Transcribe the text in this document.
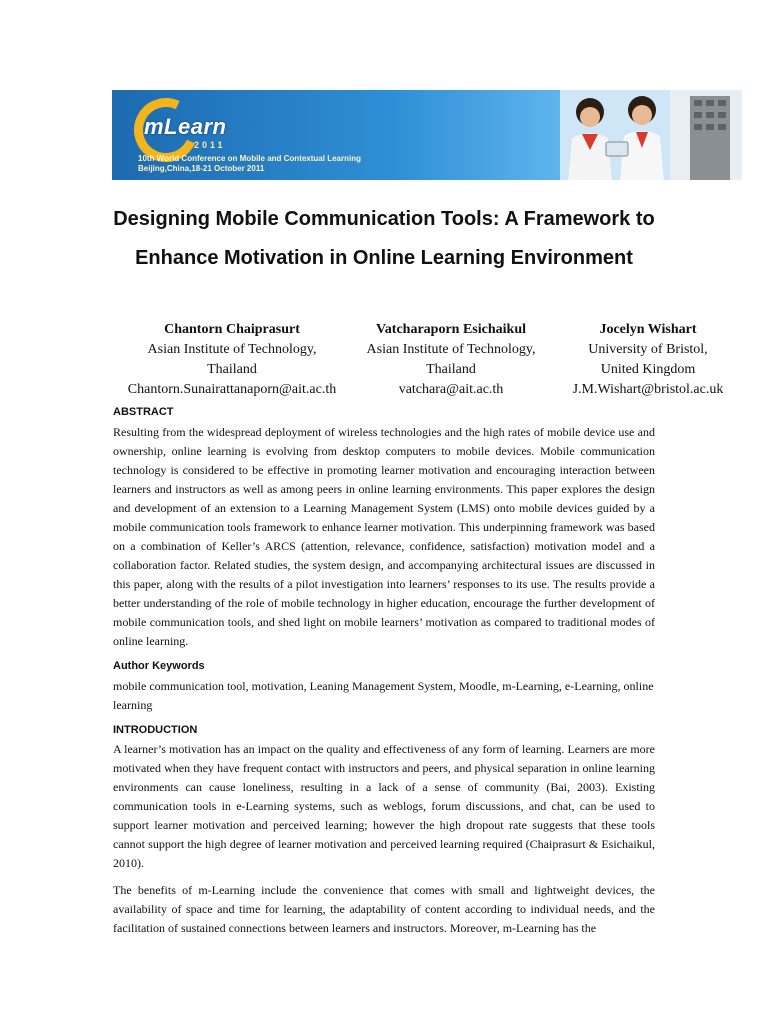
mLearn
2011
10th World Conference on Mobile and Contextual Learning
Beijing,China,18-21 October 2011
Designing Mobile Communication Tools: A Framework to Enhance Motivation in Online Learning Environment
Chantorn Chaiprasurt
Asian Institute of Technology,
Thailand
Chantorn.Sunairattanaporn@ait.ac.th
Vatcharaporn Esichaikul
Asian Institute of Technology,
Thailand
vatchara@ait.ac.th
Jocelyn Wishart
University of Bristol,
United Kingdom
J.M.Wishart@bristol.ac.uk
ABSTRACT

Resulting from the widespread deployment of wireless technologies and the high rates of mobile device use and ownership, online learning is evolving from desktop computers to mobile devices. Mobile communication technology is considered to be effective in promoting learner motivation and encouraging interaction between learners and instructors as well as among peers in online learning environments. This paper explores the design and development of an extension to a Learning Management System (LMS) onto mobile devices guided by a mobile communication tools framework to enhance learner motivation. This underpinning framework was based on a combination of Keller’s ARCS (attention, relevance, confidence, satisfaction) motivation model and a collaboration factor. Related studies, the system design, and accompanying architectural issues are discussed in this paper, along with the results of a pilot investigation into learners’ responses to its use. The results provide a better understanding of the role of mobile technology in higher education, encourage the further development of mobile communication tools, and shed light on mobile learners’ motivation as compared to traditional modes of online learning.

Author Keywords

mobile communication tool, motivation, Leaning Management System, Moodle, m-Learning, e-Learning, online learning

INTRODUCTION

A learner’s motivation has an impact on the quality and effectiveness of any form of learning. Learners are more motivated when they have frequent contact with instructors and peers, and physical separation in online learning environments can cause loneliness, resulting in a lack of a sense of community (Bai, 2003). Existing communication tools in e-Learning systems, such as weblogs, forum discussions, and chat, can be used to support learner motivation and perceived learning; however the high dropout rate suggests that these tools cannot support the high degree of learner motivation and perceived learning required (Chaiprasurt & Esichaikul, 2010).

The benefits of m-Learning include the convenience that comes with small and lightweight devices, the availability of space and time for learning, the adaptability of content according to individual needs, and the facilitation of sustained connections between learners and instructors. Moreover, m-Learning has the
